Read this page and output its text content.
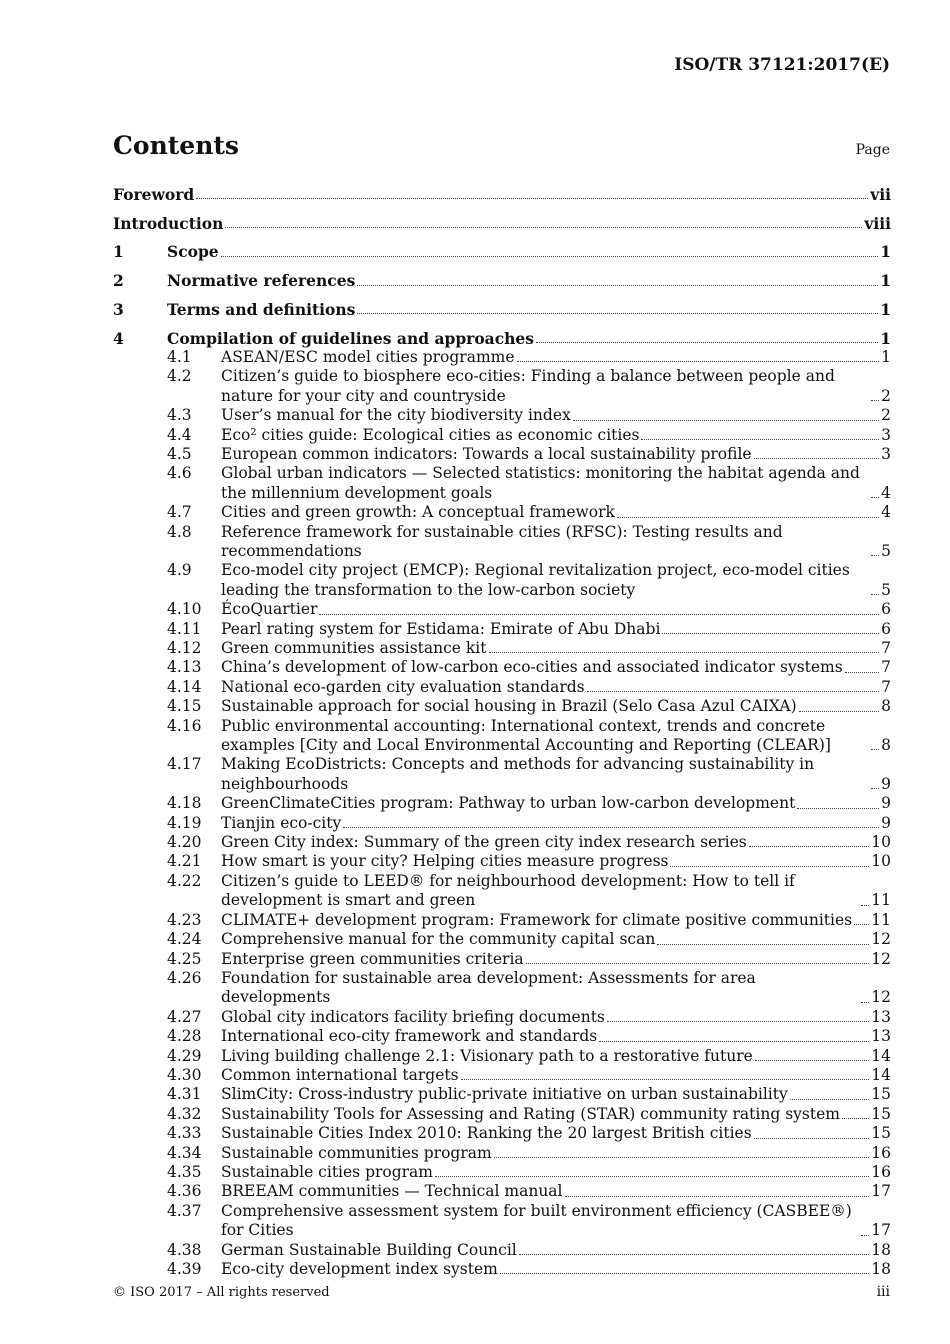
ISO/TR 37121:2017(E)
Contents	Page
Foreword	vii
Introduction	viii
1	Scope	1
2	Normative references	1
3	Terms and definitions	1
4	Compilation of guidelines and approaches	1
4.1 ASEAN/ESC model cities programme	1
4.2 Citizen’s guide to biosphere eco-cities: Finding a balance between people and nature for your city and countryside	2
4.3 User’s manual for the city biodiversity index	2
4.4 Eco² cities guide: Ecological cities as economic cities	3
4.5 European common indicators: Towards a local sustainability profile	3
4.6 Global urban indicators — Selected statistics: monitoring the habitat agenda and the millennium development goals	4
4.7 Cities and green growth: A conceptual framework	4
4.8 Reference framework for sustainable cities (RFSC): Testing results and recommendations	5
4.9 Eco-model city project (EMCP): Regional revitalization project, eco-model cities leading the transformation to the low-carbon society	5
4.10 ÉcoQuartier	6
4.11 Pearl rating system for Estidama: Emirate of Abu Dhabi	6
4.12 Green communities assistance kit	7
4.13 China’s development of low-carbon eco-cities and associated indicator systems 7
4.14 National eco-garden city evaluation standards	7
4.15 Sustainable approach for social housing in Brazil (Selo Casa Azul CAIXA)	8
4.16 Public environmental accounting: International context, trends and concrete examples [City and Local Environmental Accounting and Reporting (CLEAR)]	8
4.17 Making EcoDistricts: Concepts and methods for advancing sustainability in neighbourhoods	9
4.18 GreenClimateCities program: Pathway to urban low-carbon development	9
4.19 Tianjin eco-city	9
4.20 Green City index: Summary of the green city index research series	10
4.21 How smart is your city? Helping cities measure progress	10
4.22 Citizen’s guide to LEED® for neighbourhood development: How to tell if development is smart and green	11
4.23 CLIMATE+ development program: Framework for climate positive communities 11
4.24 Comprehensive manual for the community capital scan	12
4.25 Enterprise green communities criteria	12
4.26 Foundation for sustainable area development: Assessments for area developments	12
4.27 Global city indicators facility briefing documents	13
4.28 International eco-city framework and standards	13
4.29 Living building challenge 2.1: Visionary path to a restorative future	14
4.30 Common international targets	14
4.31 SlimCity: Cross-industry public-private initiative on urban sustainability	15
4.32 Sustainability Tools for Assessing and Rating (STAR) community rating system 15
4.33 Sustainable Cities Index 2010: Ranking the 20 largest British cities	15
4.34 Sustainable communities program	16
4.35 Sustainable cities program	16
4.36 BREEAM communities — Technical manual	17
4.37 Comprehensive assessment system for built environment efficiency (CASBEE®) for Cities	17
4.38 German Sustainable Building Council	18
4.39 Eco-city development index system	18
© ISO 2017 – All rights reserved	iii
